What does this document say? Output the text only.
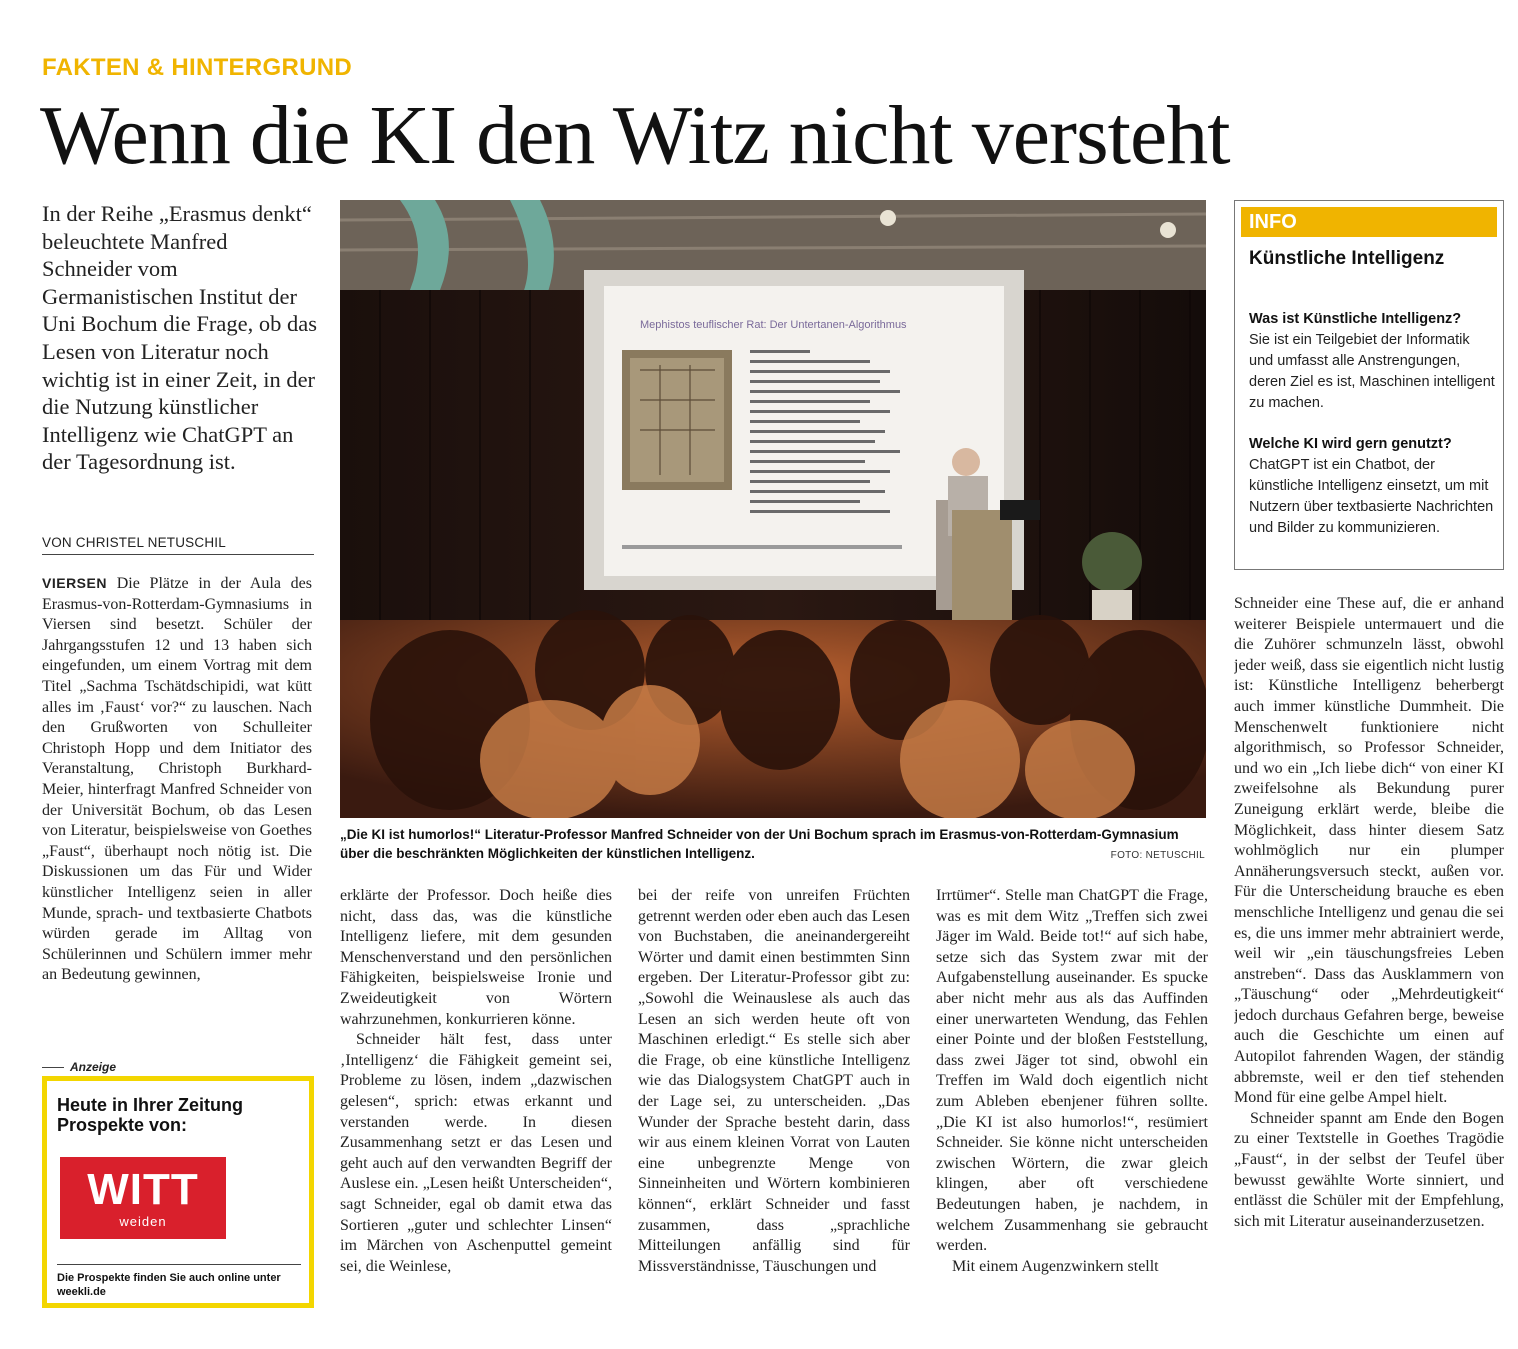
FAKTEN & HINTERGRUND
Wenn die KI den Witz nicht versteht
In der Reihe „Erasmus denkt“ beleuchtete Manfred Schneider vom Germanistischen Institut der Uni Bochum die Frage, ob das Lesen von Literatur noch wichtig ist in einer Zeit, in der die Nutzung künstlicher Intelligenz wie ChatGPT an der Tagesordnung ist.
VON CHRISTEL NETUSCHIL

VIERSEN Die Plätze in der Aula des Erasmus-von-Rotterdam-Gymnasiums in Viersen sind besetzt. Schüler der Jahrgangsstufen 12 und 13 haben sich eingefunden, um einem Vortrag mit dem Titel „Sachma Tschätdschipidi, wat kütt alles im ‚Faust‘ vor?“ zu lauschen. Nach den Grußworten von Schulleiter Christoph Hopp und dem Initiator des Veranstaltung, Christoph Burkhard-Meier, hinterfragt Manfred Schneider von der Universität Bochum, ob das Lesen von Literatur, beispielsweise von Goethes „Faust“, überhaupt noch nötig ist. Die Diskussionen um das Für und Wider künstlicher Intelligenz seien in aller Munde, sprach- und textbasierte Chatbots würden gerade im Alltag von Schülerinnen und Schülern immer mehr an Bedeutung gewinnen,

Mephistos teuflischer Rat: Der Untertanen-Algorithmus
„Die KI ist humorlos!“ Literatur-Professor Manfred Schneider von der Uni Bochum sprach im Erasmus-von-Rotterdam-Gymnasium über die beschränkten Möglichkeiten der künstlichen Intelligenz.	FOTO: NETUSCHIL

erklärte der Professor. Doch heiße dies nicht, dass das, was die künstliche Intelligenz liefere, mit dem gesunden Menschenverstand und den persönlichen Fähigkeiten, beispielsweise Ironie und Zweideutigkeit von Wörtern wahrzunehmen, konkurrieren könne.

Schneider hält fest, dass unter ‚Intelligenz‘ die Fähigkeit gemeint sei, Probleme zu lösen, indem „dazwischen gelesen“, sprich: etwas erkannt und verstanden werde. In diesen Zusammenhang setzt er das Lesen und geht auch auf den verwandten Begriff der Auslese ein. „Lesen heißt Unterscheiden“, sagt Schneider, egal ob damit etwa das Sortieren „guter und schlechter Linsen“ im Märchen von Aschenputtel gemeint sei, die Weinlese,

bei der reife von unreifen Früchten getrennt werden oder eben auch das Lesen von Buchstaben, die aneinandergereiht Wörter und damit einen bestimmten Sinn ergeben. Der Literatur-Professor gibt zu: „Sowohl die Weinauslese als auch das Lesen an sich werden heute oft von Maschinen erledigt.“ Es stelle sich aber die Frage, ob eine künstliche Intelligenz wie das Dialogsystem ChatGPT auch in der Lage sei, zu unterscheiden. „Das Wunder der Sprache besteht darin, dass wir aus einem kleinen Vorrat von Lauten eine unbegrenzte Menge von Sinneinheiten und Wörtern kombinieren können“, erklärt Schneider und fasst zusammen, dass „sprachliche Mitteilungen anfällig sind für Missverständnisse, Täuschungen und

Irrtümer“. Stelle man ChatGPT die Frage, was es mit dem Witz „Treffen sich zwei Jäger im Wald. Beide tot!“ auf sich habe, setze sich das System zwar mit der Aufgabenstellung auseinander. Es spucke aber nicht mehr aus als das Auffinden einer unerwarteten Wendung, das Fehlen einer Pointe und der bloßen Feststellung, dass zwei Jäger tot sind, obwohl ein Treffen im Wald doch eigentlich nicht zum Ableben ebenjener führen sollte. „Die KI ist also humorlos!“, resümiert Schneider. Sie könne nicht unterscheiden zwischen Wörtern, die zwar gleich klingen, aber oft verschiedene Bedeutungen haben, je nachdem, in welchem Zusammenhang sie gebraucht werden.

Mit einem Augenzwinkern stellt

Schneider eine These auf, die er anhand weiterer Beispiele untermauert und die die Zuhörer schmunzeln lässt, obwohl jeder weiß, dass sie eigentlich nicht lustig ist: Künstliche Intelligenz beherbergt auch immer künstliche Dummheit. Die Menschenwelt funktioniere nicht algorithmisch, so Professor Schneider, und wo ein „Ich liebe dich“ von einer KI zweifelsohne als Bekundung purer Zuneigung erklärt werde, bleibe die Möglichkeit, dass hinter diesem Satz wohlmöglich nur ein plumper Annäherungsversuch steckt, außen vor. Für die Unterscheidung brauche es eben menschliche Intelligenz und genau die sei es, die uns immer mehr abtrainiert werde, weil wir „ein täuschungsfreies Leben anstreben“. Dass das Ausklammern von „Täuschung“ oder „Mehrdeutigkeit“ jedoch durchaus Gefahren berge, beweise auch die Geschichte um einen auf Autopilot fahrenden Wagen, der ständig abbremste, weil er den tief stehenden Mond für eine gelbe Ampel hielt.

Schneider spannt am Ende den Bogen zu einer Textstelle in Goethes Tragödie „Faust“, in der selbst der Teufel über bewusst gewählte Worte sinniert, und entlässt die Schüler mit der Empfehlung, sich mit Literatur auseinanderzusetzen.

INFO
Künstliche Intelligenz
Was ist Künstliche Intelligenz?
Sie ist ein Teilgebiet der Informatik und umfasst alle Anstrengungen, deren Ziel es ist, Maschinen intelligent zu machen.
Welche KI wird gern genutzt?
ChatGPT ist ein Chatbot, der künstliche Intelligenz einsetzt, um mit Nutzern über textbasierte Nachrichten und Bilder zu kommunizieren.
Anzeige
Heute in Ihrer Zeitung Prospekte von:
WITT
weiden
Die Prospekte finden Sie auch online unter weekli.de
